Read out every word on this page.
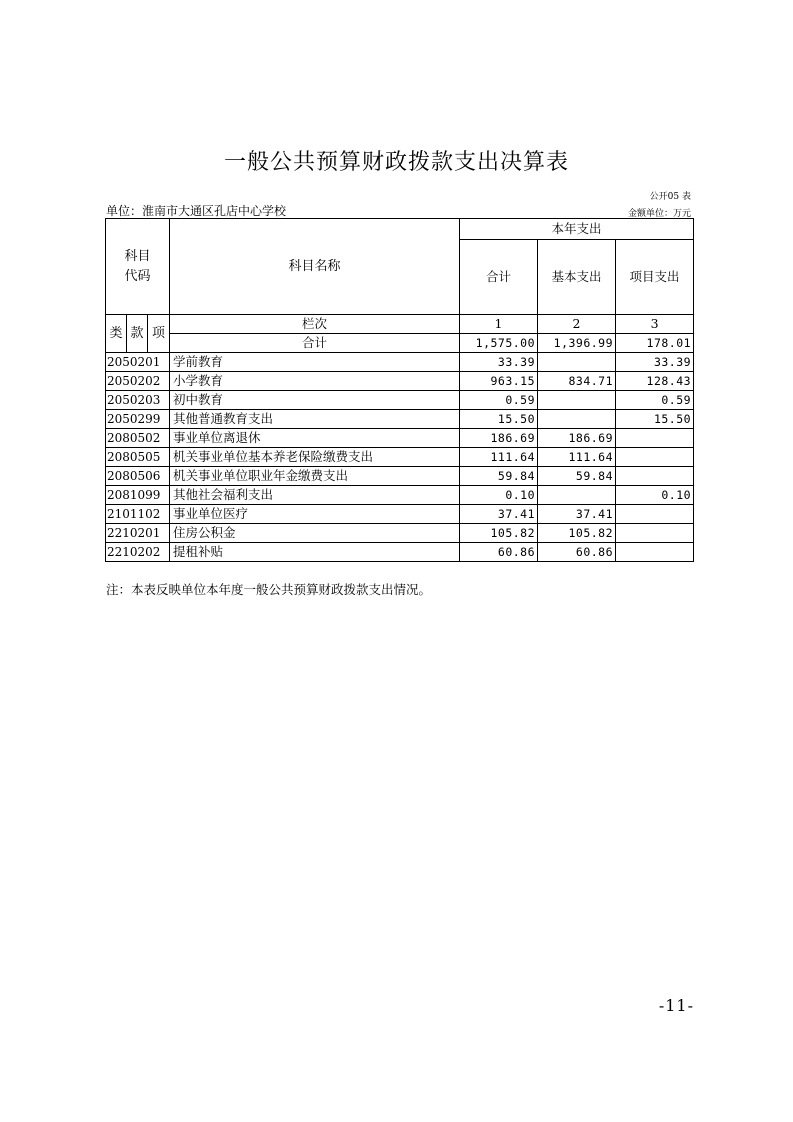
一般公共预算财政拨款支出决算表
公开05 表
单位：淮南市大通区孔店中心学校	金额单位：万元
科目
代码			科目名称	本年支出		
				合计	基本支出	项目支出
类	款	项	栏次	1	2	3
			合计	1,575.00	1,396.99	178.01
2050201			学前教育	33.39		33.39
2050202			小学教育	963.15	834.71	128.43
2050203			初中教育	0.59		0.59
2050299			其他普通教育支出	15.50		15.50
2080502			事业单位离退休	186.69	186.69	
2080505			机关事业单位基本养老保险缴费支出	111.64	111.64	
2080506			机关事业单位职业年金缴费支出	59.84	59.84	
2081099			其他社会福利支出	0.10		0.10
2101102			事业单位医疗	37.41	37.41	
2210201			住房公积金	105.82	105.82	
2210202			提租补贴	60.86	60.86	
注：本表反映单位本年度一般公共预算财政拨款支出情况。
-11-
